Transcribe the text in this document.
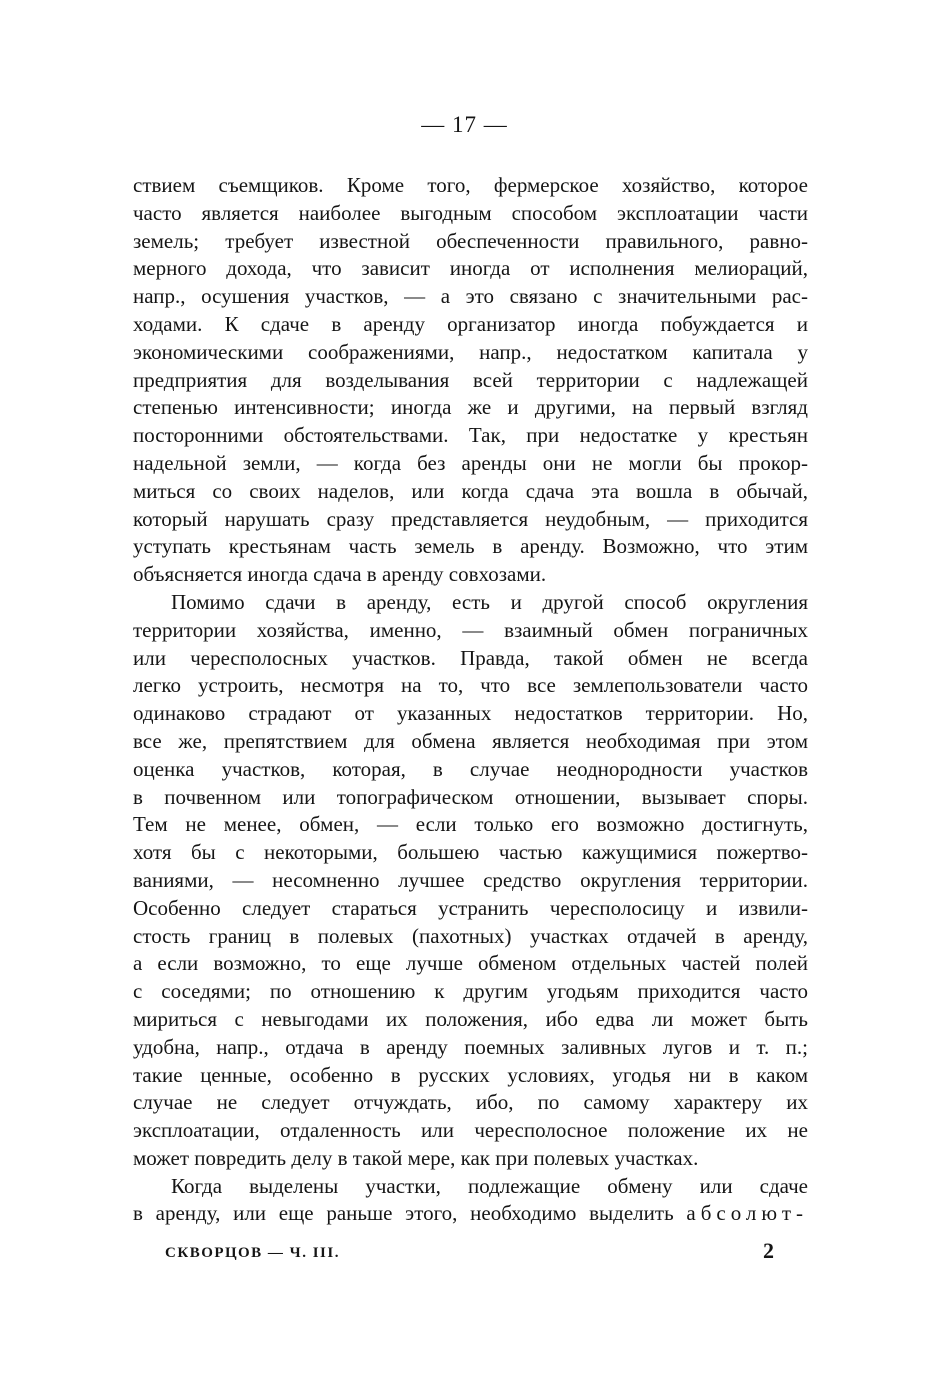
— 17 —
ствием съемщиков. Кроме того, фермерское хозяйство, которое
часто является наиболее выгодным способом эксплоатации части
земель; требует известной обеспеченности правильного, равно-
мерного дохода, что зависит иногда от исполнения мелиораций,
напр., осушения участков, — а это связано с значительными рас-
ходами. К сдаче в аренду организатор иногда побуждается и
экономическими соображениями, напр., недостатком капитала у
предприятия для возделывания всей территории с надлежащей
степенью интенсивности; иногда же и другими, на первый взгляд
посторонними обстоятельствами. Так, при недостатке у крестьян
надельной земли, — когда без аренды они не могли бы прокор-
миться со своих наделов, или когда сдача эта вошла в обычай,
который нарушать сразу представляется неудобным, — приходится
уступать крестьянам часть земель в аренду. Возможно, что этим
объясняется иногда сдача в аренду совхозами.
Помимо сдачи в аренду, есть и другой способ округления
территории хозяйства, именно, — взаимный обмен пограничных
или чересполосных участков. Правда, такой обмен не всегда
легко устроить, несмотря на то, что все землепользователи часто
одинаково страдают от указанных недостатков территории. Но,
все же, препятствием для обмена является необходимая при этом
оценка участков, которая, в случае неоднородности участков
в почвенном или топографическом отношении, вызывает споры.
Тем не менее, обмен, — если только его возможно достигнуть,
хотя бы с некоторыми, большею частью кажущимися пожертво-
ваниями, — несомненно лучшее средство округления территории.
Особенно следует стараться устранить чересполосицу и извили-
стость границ в полевых (пахотных) участках отдачей в аренду,
а если возможно, то еще лучше обменом отдельных частей полей
с соседями; по отношению к другим угодьям приходится часто
мириться с невыгодами их положения, ибо едва ли может быть
удобна, напр., отдача в аренду поемных заливных лугов и т. п.;
такие ценные, особенно в русских условиях, угодья ни в каком
случае не следует отчуждать, ибо, по самому характеру их
эксплоатации, отдаленность или чересполосное положение их не
может повредить делу в такой мере, как при полевых участках.
Когда выделены участки, подлежащие обмену или сдаче
в аренду, или еще раньше этого, необходимо выделить абсолют-
СКВОРЦОВ — Ч. III.	2
